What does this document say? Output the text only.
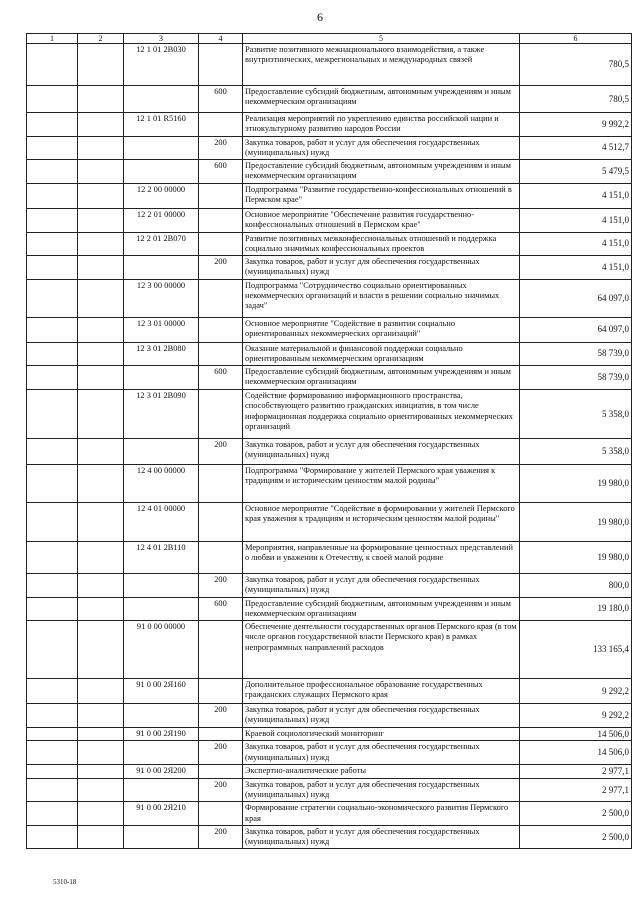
6
1	2	3	4	5	6
		12 1 01 2В030		Развитие позитивного межнационального взаимодействия, а также внутриэтнических, межрегиональных и международных связей	780,5
			600	Предоставление субсидий бюджетным, автономным учреждениям и иным некоммерческим организациям	780,5
		12 1 01 R5160		Реализация мероприятий по укреплению единства российской нации и этнокультурному развитию народов России	9 992,2
			200	Закупка товаров, работ и услуг для обеспечения государственных (муниципальных) нужд	4 512,7
			600	Предоставление субсидий бюджетным, автономным учреждениям и иным некоммерческим организациям	5 479,5
		12 2 00 00000		Подпрограмма "Развитие государственно-конфессиональных отношений в Пермском крае"	4 151,0
		12 2 01 00000		Основное мероприятие "Обеспечение развития государственно-конфессиональных отношений в Пермском крае"	4 151,0
		12 2 01 2В070		Развитие позитивных межконфессиональных отношений и поддержка социально значимых конфессиональных проектов	4 151,0
			200	Закупка товаров, работ и услуг для обеспечения государственных (муниципальных) нужд	4 151,0
		12 3 00 00000		Подпрограмма "Сотрудничество социально ориентированных некоммерческих организаций и власти в решении социально значимых задач"	64 097,0
		12 3 01 00000		Основное мероприятие "Содействие в развитии социально ориентированных некоммерческих организаций"	64 097,0
		12 3 01 2В080		Оказание материальной и финансовой поддержки социально ориентированным некоммерческим организациям	58 739,0
			600	Предоставление субсидий бюджетным, автономным учреждениям и иным некоммерческим организациям	58 739,0
		12 3 01 2В090		Содействие формированию информационного пространства, способствующего развитию гражданских инициатив, в том числе информационная поддержка социально ориентированных некоммерческих организаций	5 358,0
			200	Закупка товаров, работ и услуг для обеспечения государственных (муниципальных) нужд	5 358,0
		12 4 00 00000		Подпрограмма "Формирование у жителей Пермского края уважения к традициям и историческим ценностям малой родины"	19 980,0
		12 4 01 00000		Основное мероприятие "Содействие в формировании у жителей Пермского края уважения к традициям и историческим ценностям малой родины"	19 980,0
		12 4 01 2В110		Мероприятия, направленные на формирование ценностных представлений о любви и уважении к Отечеству, к своей малой родине	19 980,0
			200	Закупка товаров, работ и услуг для обеспечения государственных (муниципальных) нужд	800,0
			600	Предоставление субсидий бюджетным, автономным учреждениям и иным некоммерческим организациям	19 180,0
		91 0 00 00000		Обеспечение деятельности государственных органов Пермского края (в том числе органов государственной власти Пермского края) в рамках непрограммных направлений расходов	133 165,4
		91 0 00 2Я160		Дополнительное профессиональное образование государственных гражданских служащих Пермского края	9 292,2
			200	Закупка товаров, работ и услуг для обеспечения государственных (муниципальных) нужд	9 292,2
		91 0 00 2Я190		Краевой социологический мониторинг	14 506,0
			200	Закупка товаров, работ и услуг для обеспечения государственных (муниципальных) нужд	14 506,0
		91 0 00 2Я200		Экспертно-аналитические работы	2 977,1
			200	Закупка товаров, работ и услуг для обеспечения государственных (муниципальных) нужд	2 977,1
		91 0 00 2Я210		Формирование стратегии социально-экономического развития Пермского края	2 500,0
			200	Закупка товаров, работ и услуг для обеспечения государственных (муниципальных) нужд	2 500,0
5310-18
